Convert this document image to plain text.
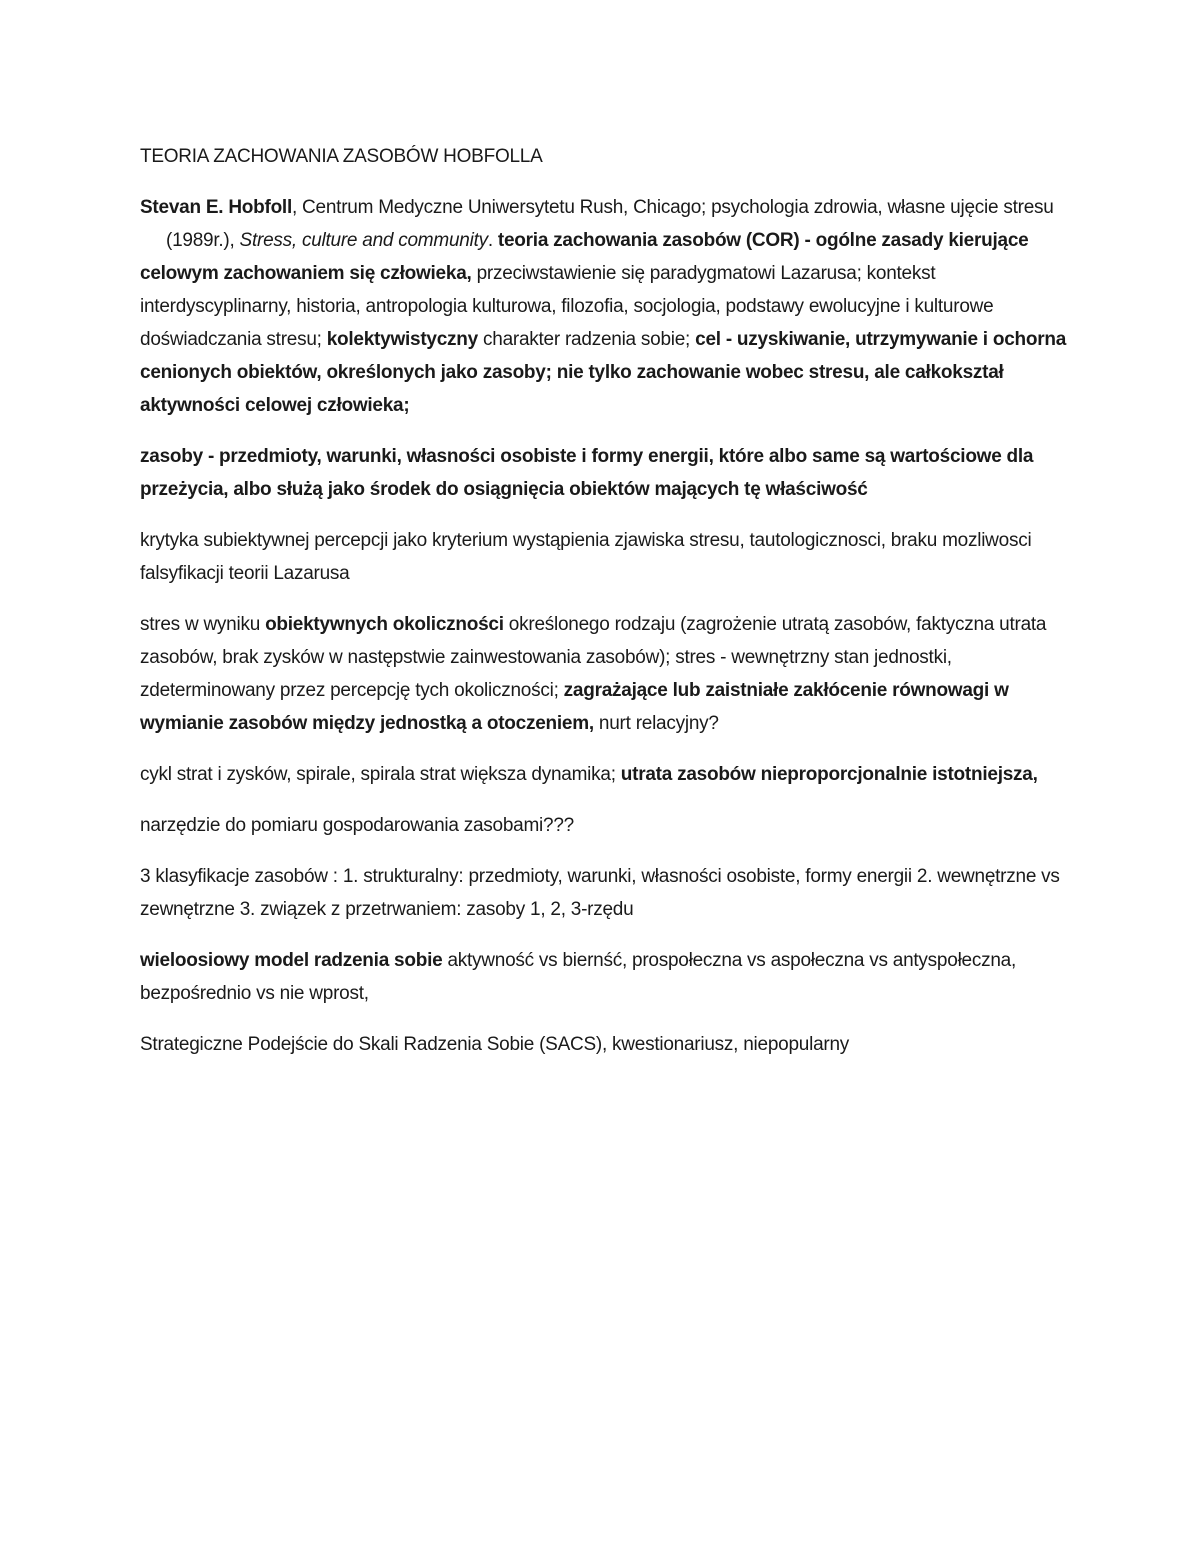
TEORIA ZACHOWANIA ZASOBÓW HOBFOLLA

Stevan E. Hobfoll, Centrum Medyczne Uniwersytetu Rush, Chicago; psychologia zdrowia, własne ujęcie stresu(1989r.), Stress, culture and community. teoria zachowania zasobów (COR) - ogólne zasady kierujące celowym zachowaniem się człowieka, przeciwstawienie się paradygmatowi Lazarusa; kontekst interdyscyplinarny, historia, antropologia kulturowa, filozofia, socjologia, podstawy ewolucyjne i kulturowe doświadczania stresu; kolektywistyczny charakter radzenia sobie; cel - uzyskiwanie, utrzymywanie i ochorna cenionych obiektów, określonych jako zasoby; nie tylko zachowanie wobec stresu, ale całkokształ aktywności celowej człowieka;

zasoby - przedmioty, warunki, własności osobiste i formy energii, które albo same są wartościowe dla przeżycia, albo służą jako środek do osiągnięcia obiektów mających tę właściwość

krytyka subiektywnej percepcji jako kryterium wystąpienia zjawiska stresu, tautologicznosci, braku mozliwosci falsyfikacji teorii Lazarusa

stres w wyniku obiektywnych okoliczności określonego rodzaju (zagrożenie utratą zasobów, faktyczna utrata zasobów, brak zysków w następstwie zainwestowania zasobów); stres - wewnętrzny stan jednostki, zdeterminowany przez percepcję tych okoliczności; zagrażające lub zaistniałe zakłócenie równowagi w wymianie zasobów między jednostką a otoczeniem, nurt relacyjny?

cykl strat i zysków, spirale, spirala strat większa dynamika; utrata zasobów nieproporcjonalnie istotniejsza,

narzędzie do pomiaru gospodarowania zasobami???

3 klasyfikacje zasobów : 1. strukturalny: przedmioty, warunki, własności osobiste, formy energii 2. wewnętrzne vs zewnętrzne 3. związek z przetrwaniem: zasoby 1, 2, 3-rzędu

wieloosiowy model radzenia sobie aktywność vs biernść, prospołeczna vs aspołeczna vs antyspołeczna, bezpośrednio vs nie wprost,

Strategiczne Podejście do Skali Radzenia Sobie (SACS), kwestionariusz, niepopularny
